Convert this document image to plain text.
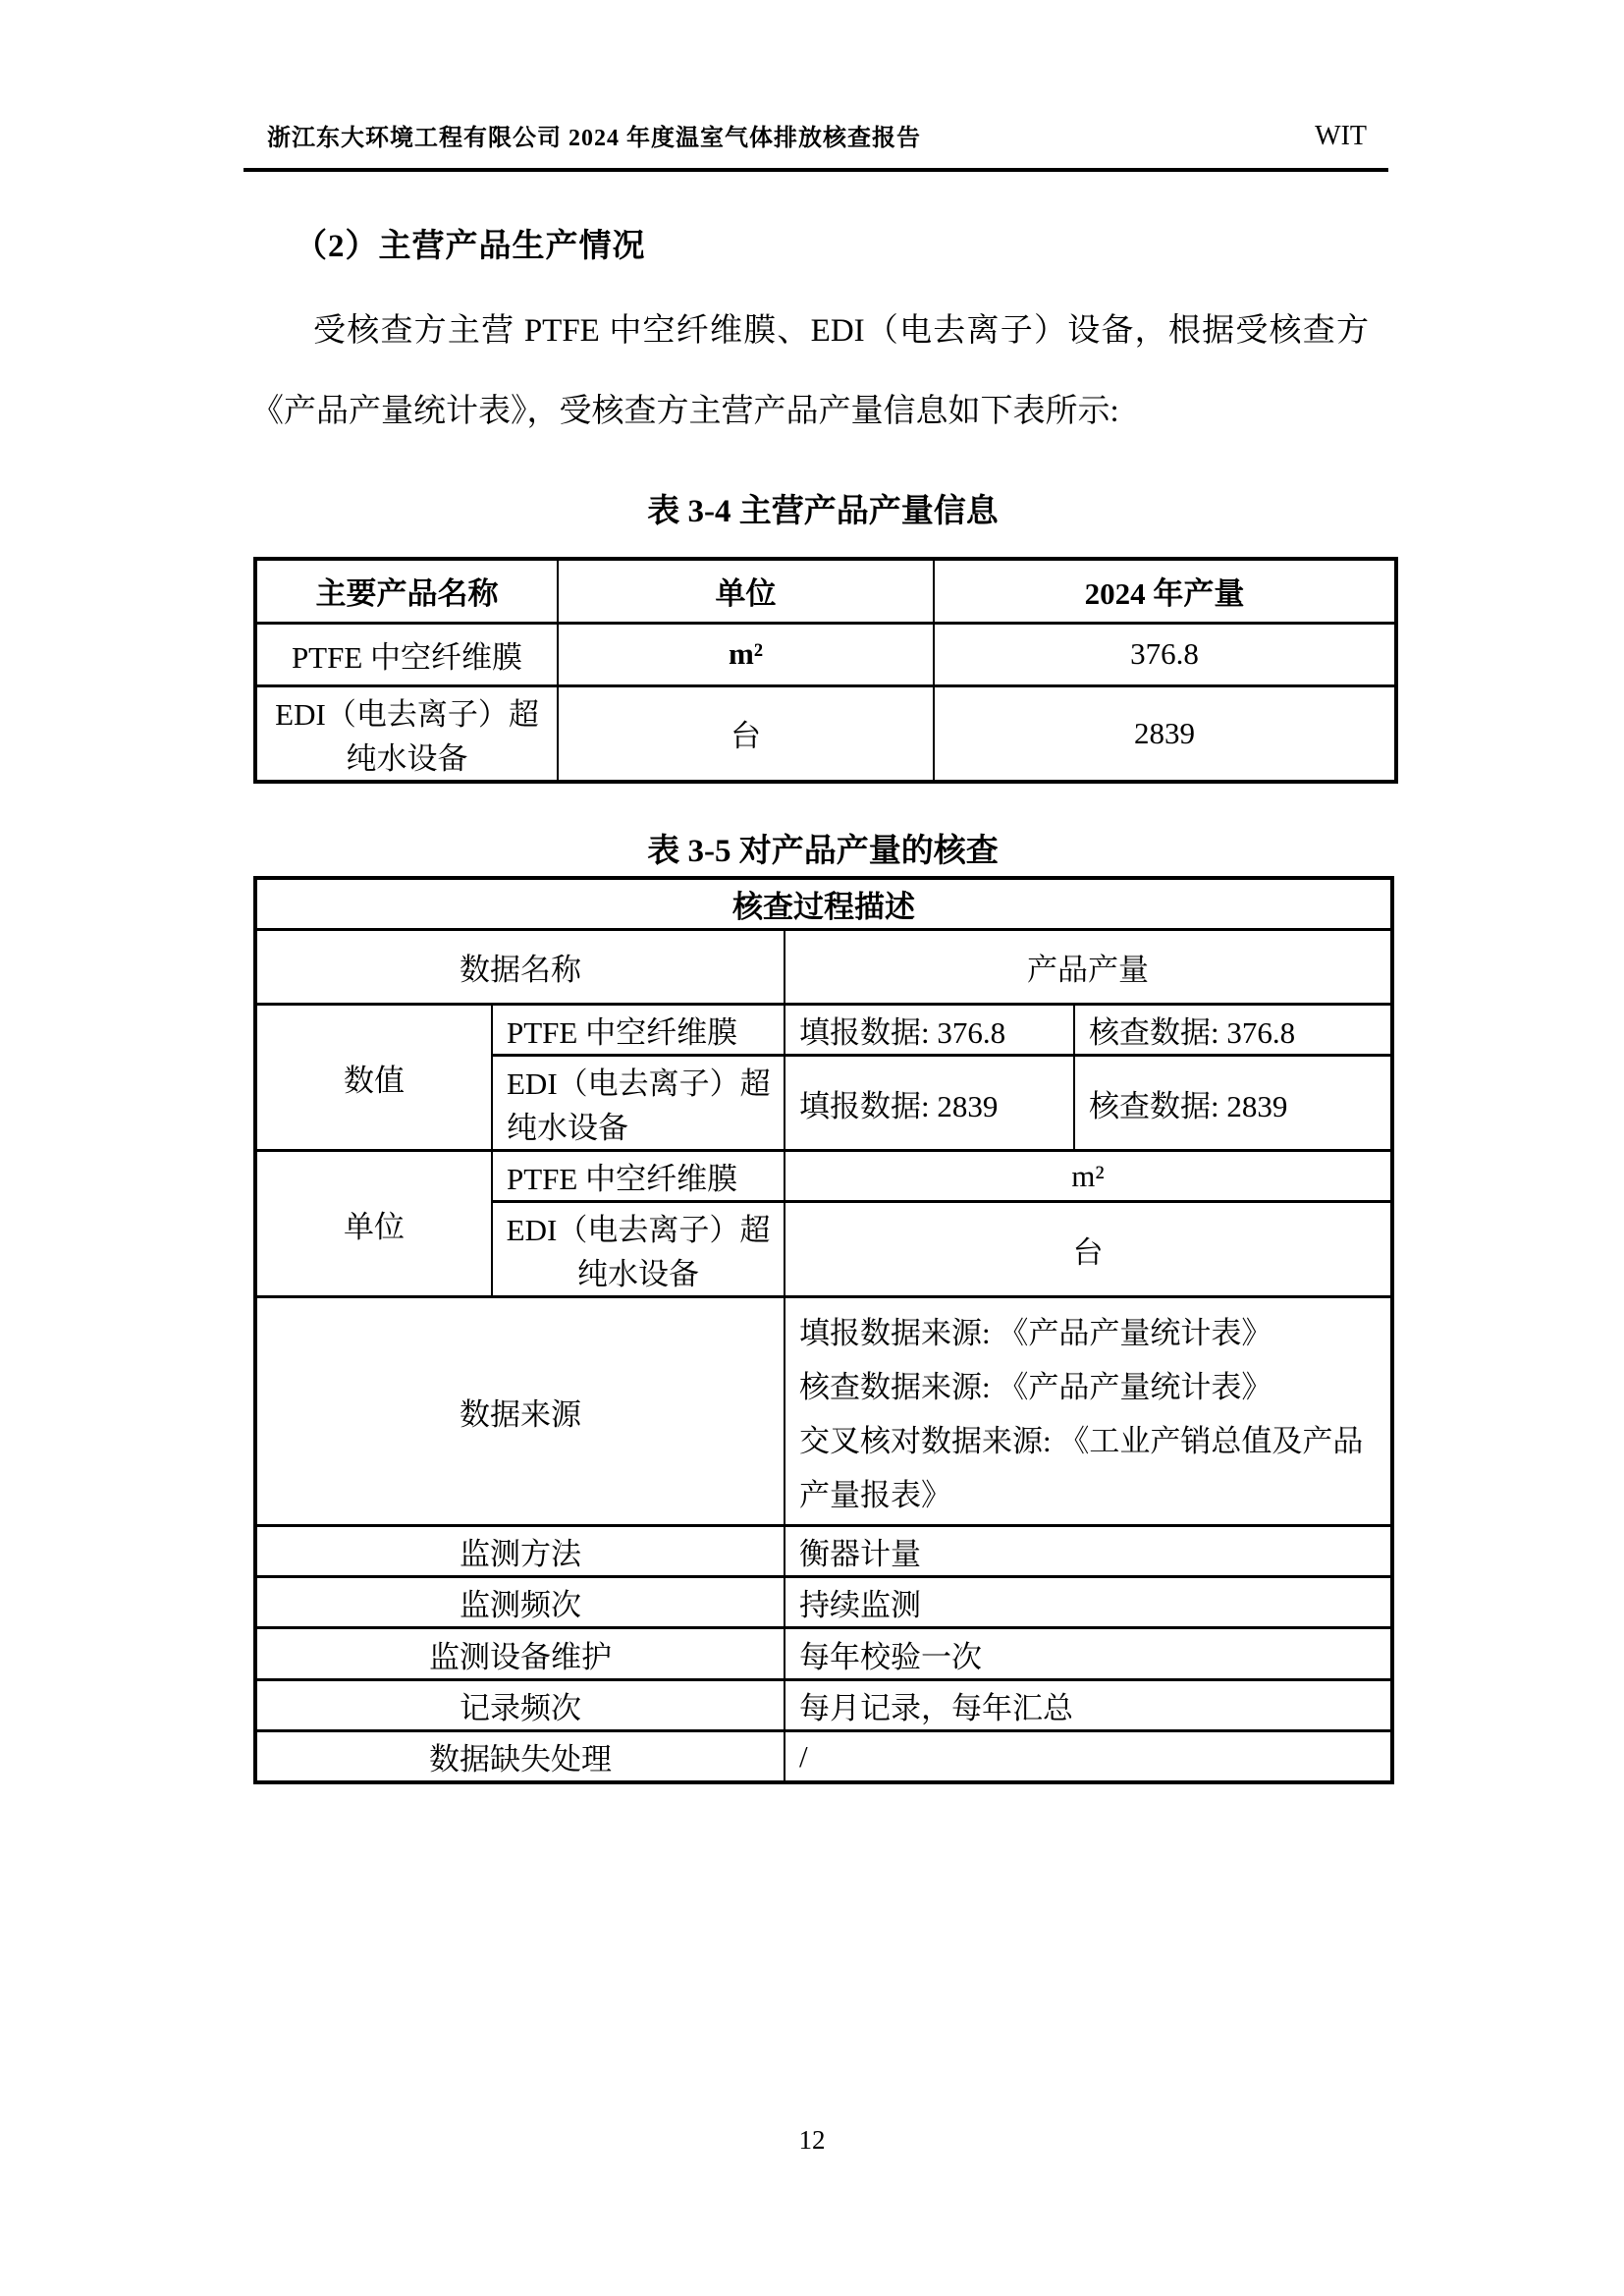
浙江东大环境工程有限公司 2024 年度温室气体排放核查报告	WIT
（2）主营产品生产情况
受核查方主营 PTFE 中空纤维膜、EDI（电去离子）设备，根据受核查方
《产品产量统计表》，受核查方主营产品产量信息如下表所示:
表 3-4 主营产品产量信息
主要产品名称	单位	2024 年产量
PTFE 中空纤维膜	m²	376.8
EDI（电去离子）超纯水设备	台	2839
表 3-5 对产品产量的核查
核查过程描述			
数据名称		产品产量	
数值	PTFE 中空纤维膜	填报数据: 376.8	核查数据: 376.8
	EDI（电去离子）超纯水设备	填报数据: 2839	核查数据: 2839
单位	PTFE 中空纤维膜	m²	
	EDI（电去离子）超纯水设备	台	
数据来源		填报数据来源: 《产品产量统计表》
核查数据来源: 《产品产量统计表》
交叉核对数据来源: 《工业产销总值及产品产量报表》	

监测方法		衡器计量	
监测频次		持续监测	
监测设备维护		每年校验一次	
记录频次		每月记录，每年汇总	
数据缺失处理		/	
12
